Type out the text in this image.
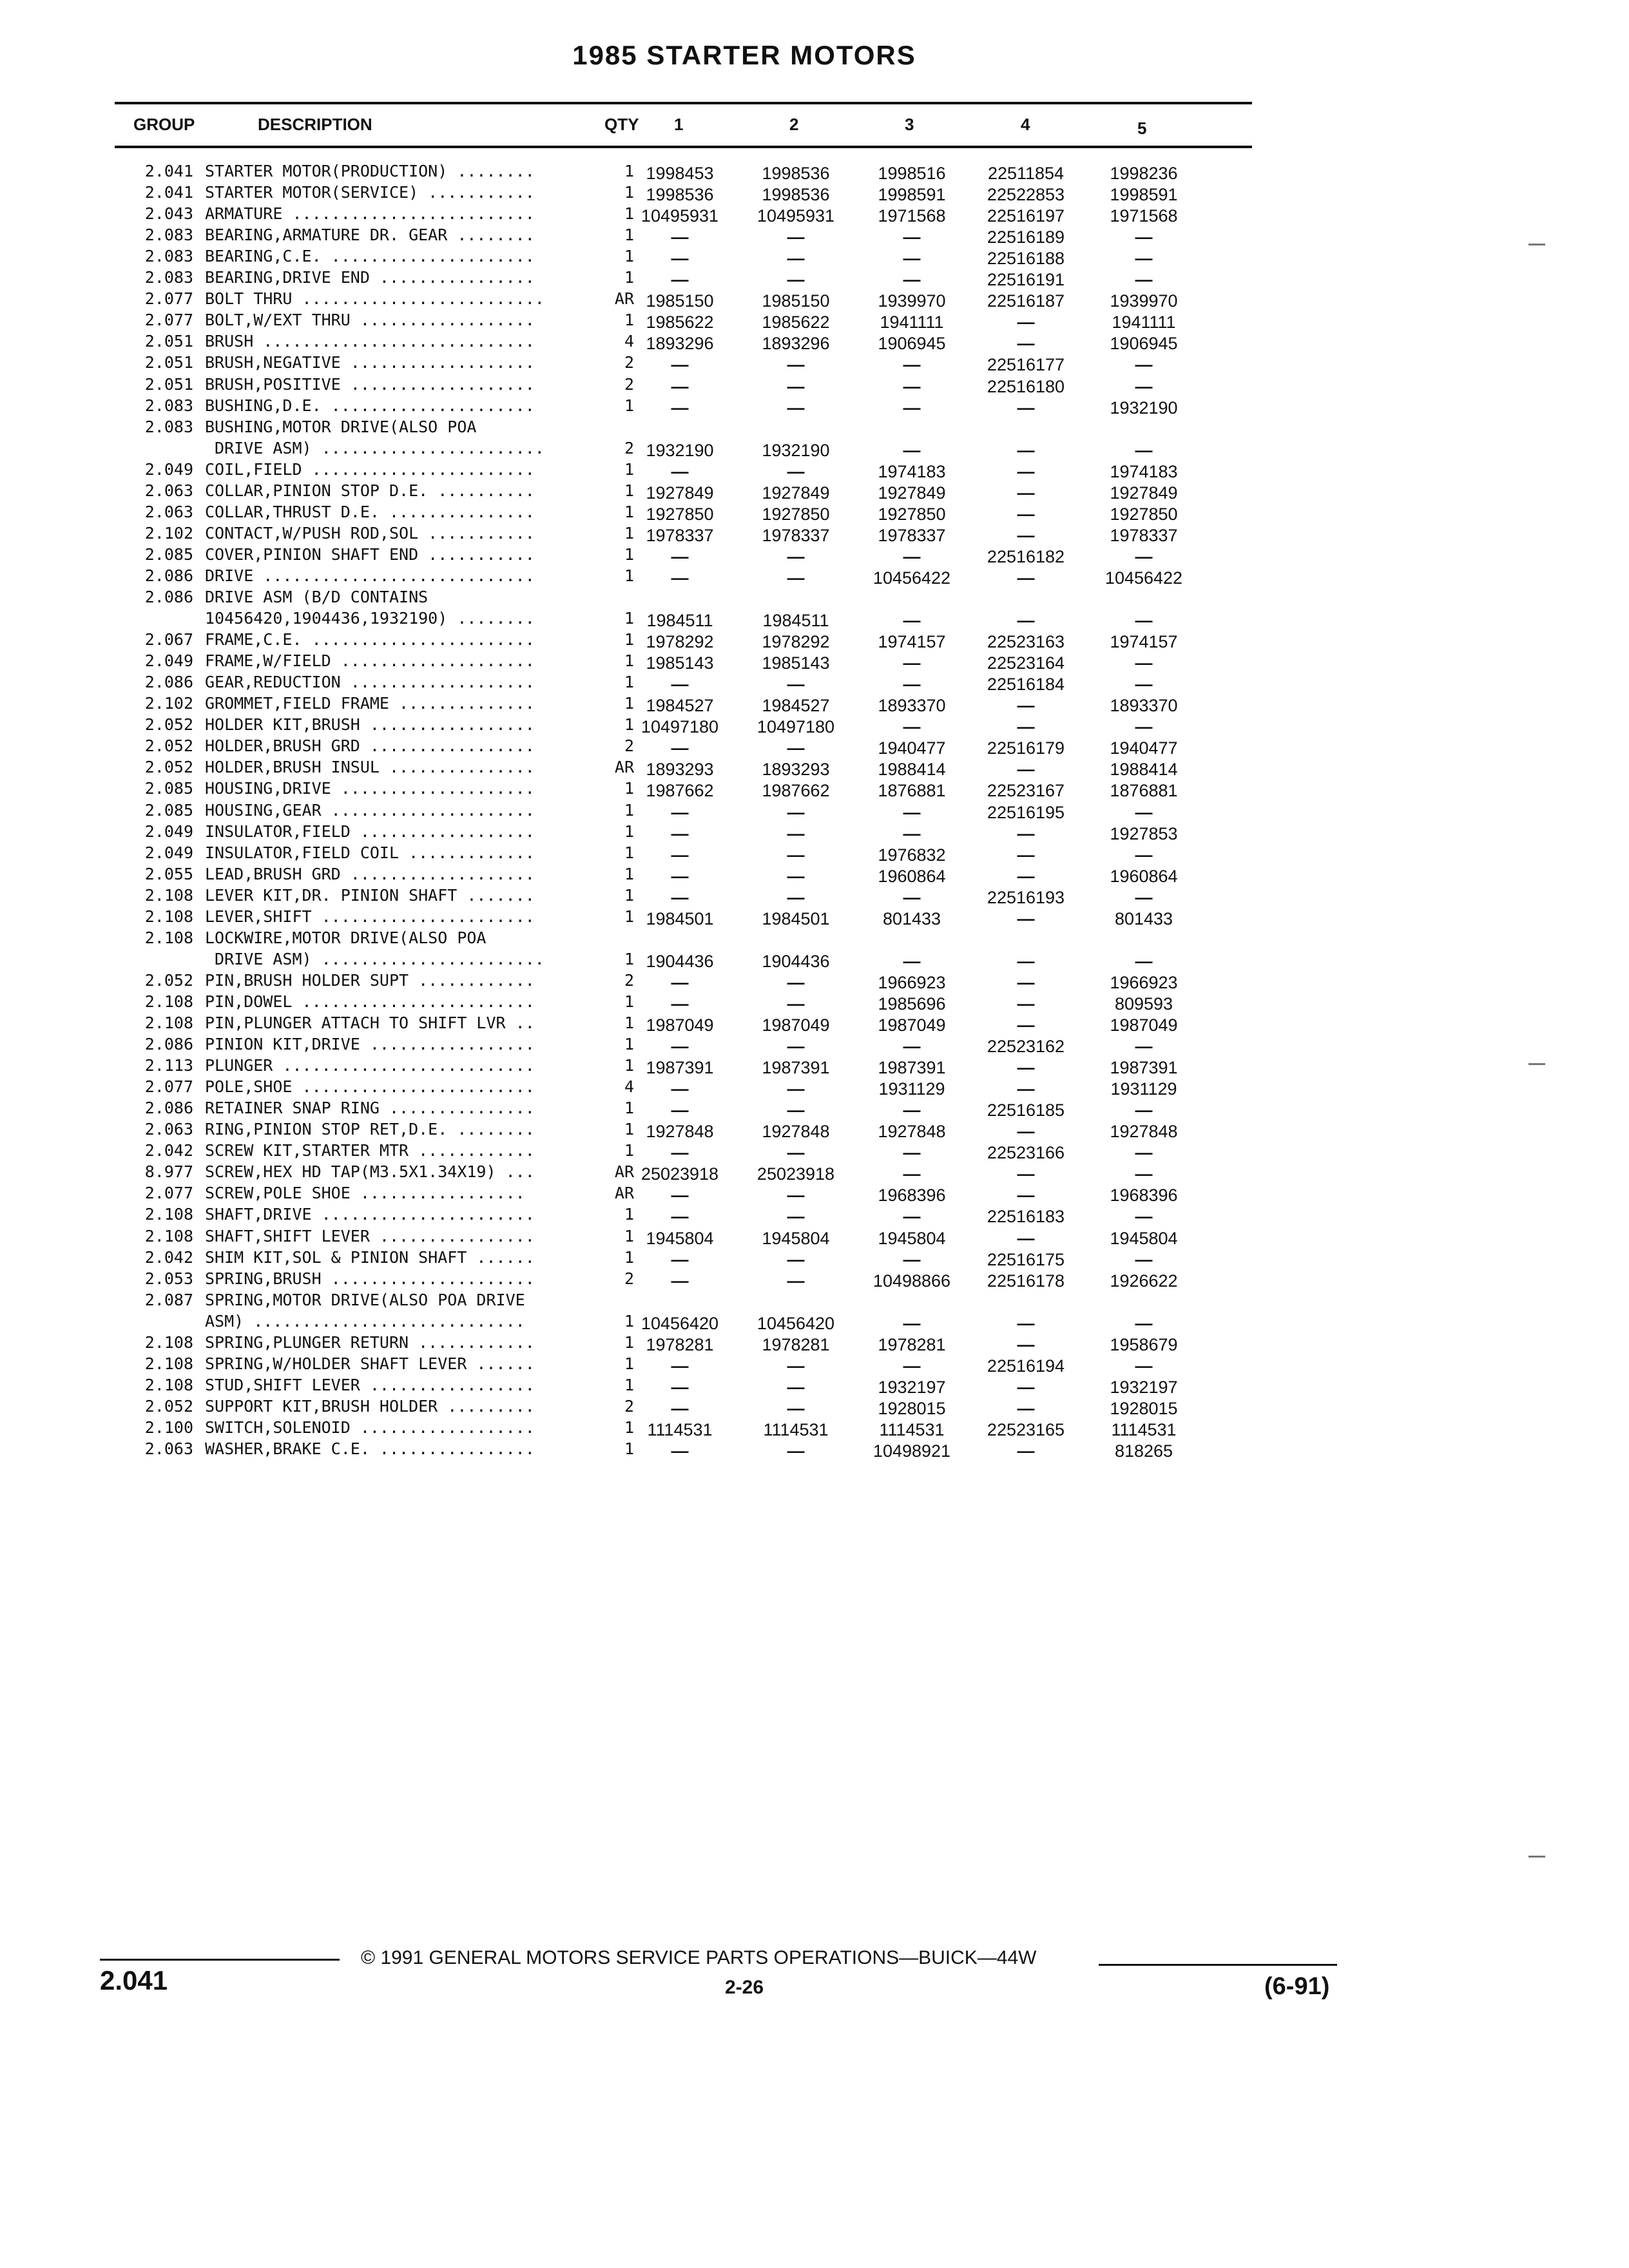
1985 STARTER MOTORS
GROUP	DESCRIPTION	QTY 1	2	3	4	5
2.041 STARTER MOTOR(PRODUCTION) ........	1 1998453	1998536	1998516	22511854	1998236
2.041 STARTER MOTOR(SERVICE) ...........	1 1998536	1998536	1998591	22522853	1998591
2.043 ARMATURE .........................	1 10495931	10495931	1971568	22516197	1971568
2.083 BEARING,ARMATURE DR. GEAR ........	1	—	—	—	22516189	—
2.083 BEARING,C.E. .....................	1	—	—	—	22516188	—
2.083 BEARING,DRIVE END ................	1	—	—	—	22516191	—
2.077 BOLT THRU .........................	AR 1985150	1985150	1939970	22516187	1939970
2.077 BOLT,W/EXT THRU ..................	1 1985622	1985622	1941111	—	1941111
2.051 BRUSH ............................	4 1893296	1893296	1906945	—	1906945
2.051 BRUSH,NEGATIVE ...................	2	—	—	—	22516177	—
2.051 BRUSH,POSITIVE ...................	2	—	—	—	22516180	—
2.083 BUSHING,D.E. .....................	1	—	—	—	—	1932190
2.083 BUSHING,MOTOR DRIVE(ALSO POA
DRIVE ASM) .......................	2 1932190	1932190	—	—	—
2.049 COIL,FIELD .......................	1	—	—	1974183	—	1974183
2.063 COLLAR,PINION STOP D.E. ..........	1 1927849	1927849	1927849	—	1927849
2.063 COLLAR,THRUST D.E. ...............	1 1927850	1927850	1927850	—	1927850
2.102 CONTACT,W/PUSH ROD,SOL ...........	1 1978337	1978337	1978337	—	1978337
2.085 COVER,PINION SHAFT END ...........	1	—	—	—	22516182	—
2.086 DRIVE ............................	1	—	—	10456422	—	10456422
2.086 DRIVE ASM (B/D CONTAINS
10456420,1904436,1932190) ........	1 1984511	1984511	—	—	—
2.067 FRAME,C.E. .......................	1 1978292	1978292	1974157	22523163	1974157
2.049 FRAME,W/FIELD ....................	1 1985143	1985143	—	22523164	—
2.086 GEAR,REDUCTION ...................	1	—	—	—	22516184	—
2.102 GROMMET,FIELD FRAME ..............	1 1984527	1984527	1893370	—	1893370
2.052 HOLDER KIT,BRUSH .................	1 10497180	10497180	—	—	—
2.052 HOLDER,BRUSH GRD .................	2	—	—	1940477	22516179	1940477
2.052 HOLDER,BRUSH INSUL ...............	AR 1893293	1893293	1988414	—	1988414
2.085 HOUSING,DRIVE ....................	1 1987662	1987662	1876881	22523167	1876881
2.085 HOUSING,GEAR .....................	1	—	—	—	22516195	—
2.049 INSULATOR,FIELD ..................	1	—	—	—	—	1927853
2.049 INSULATOR,FIELD COIL .............	1	—	—	1976832	—	—
2.055 LEAD,BRUSH GRD ...................	1	—	—	1960864	—	1960864
2.108 LEVER KIT,DR. PINION SHAFT .......	1	—	—	—	22516193	—
2.108 LEVER,SHIFT ......................	1 1984501	1984501	801433	—	801433
2.108 LOCKWIRE,MOTOR DRIVE(ALSO POA
DRIVE ASM) .......................	1 1904436	1904436	—	—	—
2.052 PIN,BRUSH HOLDER SUPT ............	2	—	—	1966923	—	1966923
2.108 PIN,DOWEL ........................	1	—	—	1985696	—	809593
2.108 PIN,PLUNGER ATTACH TO SHIFT LVR ..	1 1987049	1987049	1987049	—	1987049
2.086 PINION KIT,DRIVE .................	1	—	—	—	22523162	—
2.113 PLUNGER ..........................	1 1987391	1987391	1987391	—	1987391
2.077 POLE,SHOE ........................	4	—	—	1931129	—	1931129
2.086 RETAINER SNAP RING ...............	1	—	—	—	22516185	—
2.063 RING,PINION STOP RET,D.E. ........	1 1927848	1927848	1927848	—	1927848
2.042 SCREW KIT,STARTER MTR ............	1	—	—	—	22523166	—
8.977 SCREW,HEX HD TAP(M3.5X1.34X19) ...	AR 25023918	25023918	—	—	—
2.077 SCREW,POLE SHOE .................	AR	—	—	1968396	—	1968396
2.108 SHAFT,DRIVE ......................	1	—	—	—	22516183	—
2.108 SHAFT,SHIFT LEVER ................	1 1945804	1945804	1945804	—	1945804
2.042 SHIM KIT,SOL & PINION SHAFT ......	1	—	—	—	22516175	—
2.053 SPRING,BRUSH .....................	2	—	—	10498866	22516178	1926622
2.087 SPRING,MOTOR DRIVE(ALSO POA DRIVE
ASM) ............................	1 10456420	10456420	—	—	—
2.108 SPRING,PLUNGER RETURN ............	1 1978281	1978281	1978281	—	1958679
2.108 SPRING,W/HOLDER SHAFT LEVER ......	1	—	—	—	22516194	—
2.108 STUD,SHIFT LEVER .................	1	—	—	1932197	—	1932197
2.052 SUPPORT KIT,BRUSH HOLDER .........	2	—	—	1928015	—	1928015
2.100 SWITCH,SOLENOID ..................	1 1114531	1114531	1114531	22523165	1114531
2.063 WASHER,BRAKE C.E. ................	1	—	—	10498921	—	818265
© 1991 GENERAL MOTORS SERVICE PARTS OPERATIONS—BUICK—44W
2-26
2.041	(6-91)
